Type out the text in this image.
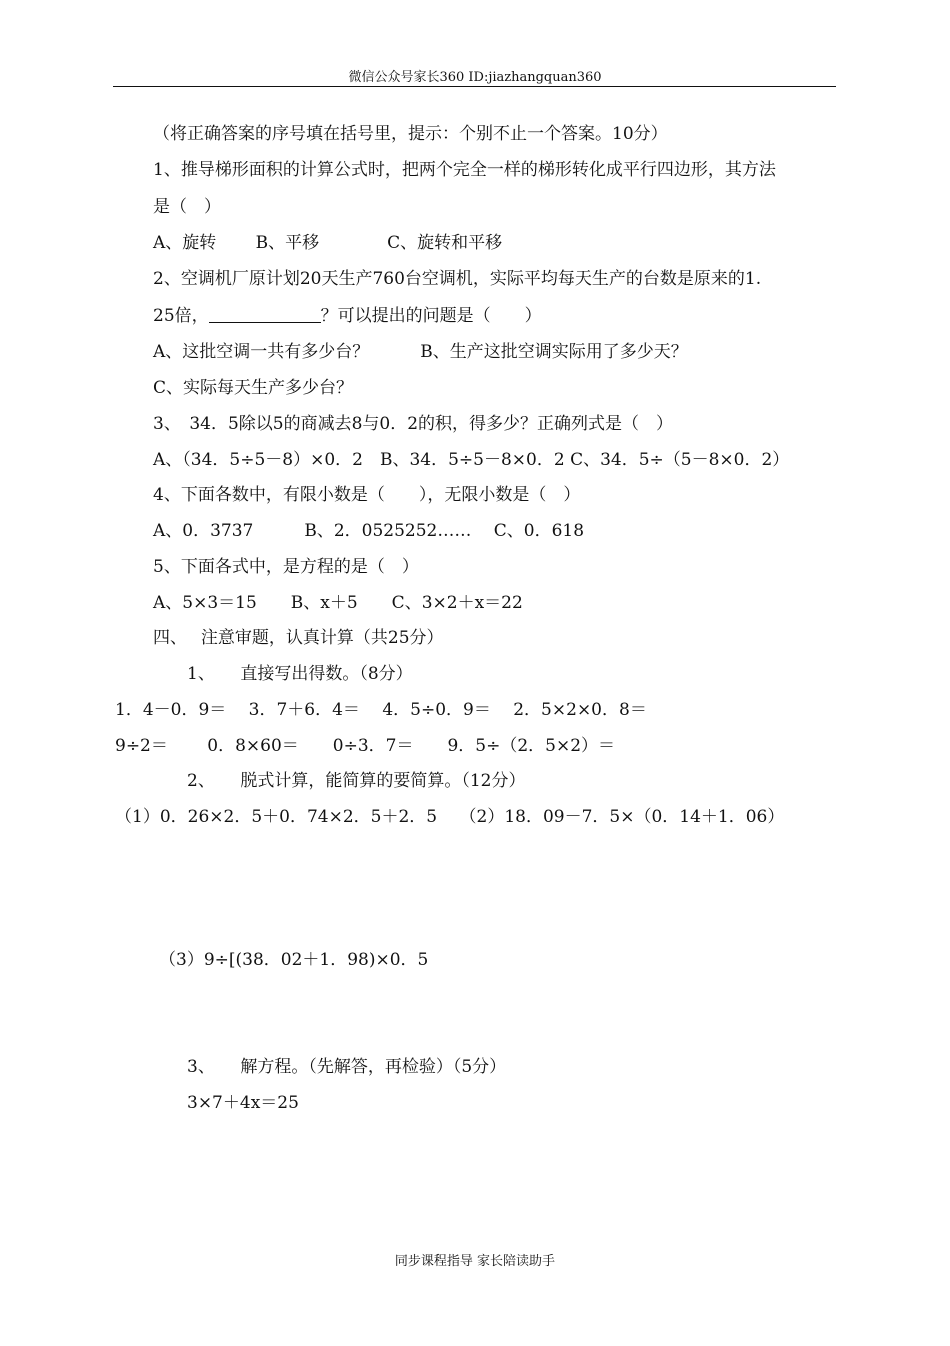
微信公众号家长360 ID:jiazhangquan360
（将正确答案的序号填在括号里，提示：个别不止一个答案。10分）
1、推导梯形面积的计算公式时，把两个完全一样的梯形转化成平行四边形，其方法
是（　）
A、旋转　　 B、平移　　　　C、旋转和平移
2、空调机厂原计划20天生产760台空调机，实际平均每天生产的台数是原来的1.
25倍，	？可以提出的问题是（　　）
A、这批空调一共有多少台？　　　B、生产这批空调实际用了多少天？
C、实际每天生产多少台？
3、　34．5除以5的商减去8与0．2的积，得多少？正确列式是（　）
A、（34．5÷5－8）×0．2　B、34．5÷5－8×0．2 C、34．5÷（5－8×0．2）
4、下面各数中，有限小数是（　　），无限小数是（　）
A、0．3737　　　B、2．0525252……　 C、0．618
5、下面各式中，是方程的是（　）
A、5×3＝15　　B、x＋5　　C、3×2＋x＝22
四、　 注意审题，认真计算（共25分）
1、　　直接写出得数。（8分）
1．4－0．9＝　 3．7＋6．4＝　 4．5÷0．9＝　 2．5×2×0．8＝
9÷2＝　　 0．8×60＝　　0÷3．7＝　　9．5÷（2．5×2）＝
2、　　脱式计算，能简算的要简算。（12分）
（1）0．26×2．5＋0．74×2．5＋2．5　 （2）18．09－7．5×（0．14＋1．06）
（3）9÷[(38．02＋1．98)×0．5
3、　　解方程。（先解答，再检验）（5分）
3×7＋4x＝25
同步课程指导 家长陪读助手
